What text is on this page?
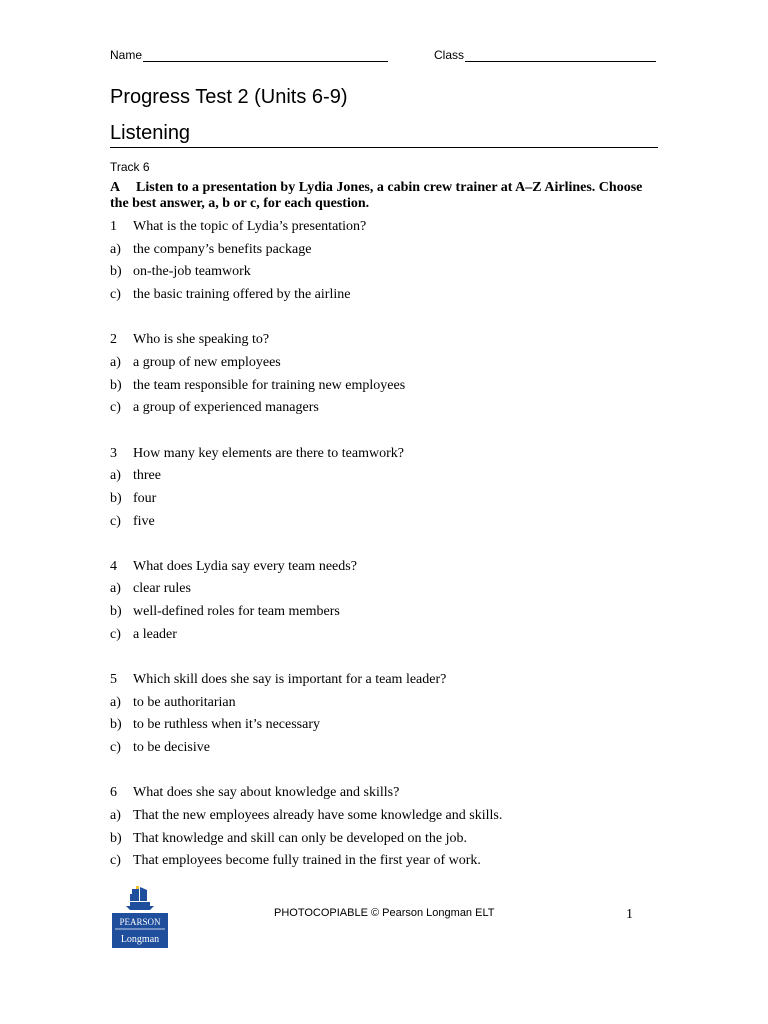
Name	Class
Progress Test 2 (Units 6-9)
Listening
Track 6
A Listen to a presentation by Lydia Jones, a cabin crew trainer at A–Z Airlines. Choose the best answer, a, b or c, for each question.
1	What is the topic of Lydia’s presentation?
a) the company’s benefits package
b) on-the-job teamwork
c) the basic training offered by the airline
2	Who is she speaking to?
a) a group of new employees
b) the team responsible for training new employees
c) a group of experienced managers
3	How many key elements are there to teamwork?
a) three
b) four
c) five
4	What does Lydia say every team needs?
a) clear rules
b) well-defined roles for team members
c) a leader
5	Which skill does she say is important for a team leader?
a) to be authoritarian
b) to be ruthless when it’s necessary
c) to be decisive
6	What does she say about knowledge and skills?
a) That the new employees already have some knowledge and skills.
b) That knowledge and skill can only be developed on the job.
c) That employees become fully trained in the first year of work.
PEARSON
Longman
PHOTOCOPIABLE © Pearson Longman ELT	1
